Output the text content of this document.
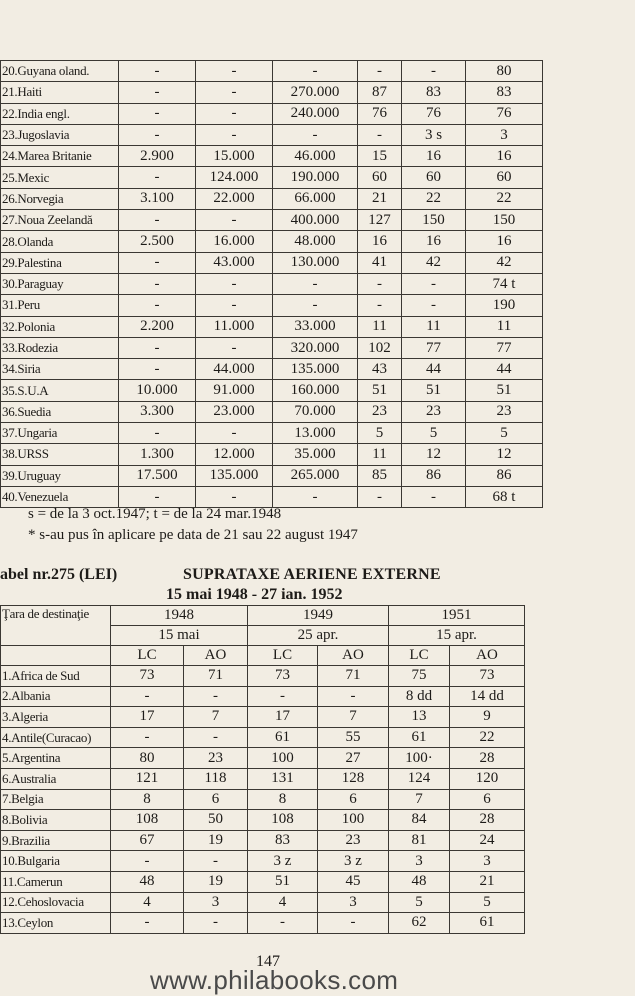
20.Guyana oland.	-	-	-	-	-	80
21.Haiti	-	-	270.000	87	83	83
22.India engl.	-	-	240.000	76	76	76
23.Jugoslavia	-	-	-	-	3 s	3
24.Marea Britanie	2.900	15.000	46.000	15	16	16
25.Mexic	-	124.000	190.000	60	60	60
26.Norvegia	3.100	22.000	66.000	21	22	22
27.Noua Zeelandă	-	-	400.000	127	150	150
28.Olanda	2.500	16.000	48.000	16	16	16
29.Palestina	-	43.000	130.000	41	42	42
30.Paraguay	-	-	-	-	-	74 t
31.Peru	-	-	-	-	-	190
32.Polonia	2.200	11.000	33.000	11	11	11
33.Rodezia	-	-	320.000	102	77	77
34.Siria	-	44.000	135.000	43	44	44
35.S.U.A	10.000	91.000	160.000	51	51	51
36.Suedia	3.300	23.000	70.000	23	23	23
37.Ungaria	-	-	13.000	5	5	5
38.URSS	1.300	12.000	35.000	11	12	12
39.Uruguay	17.500	135.000	265.000	85	86	86
40.Venezuela	-	-	-	-	-	68 t
s = de la 3 oct.1947; t = de la 24 mar.1948
* s-au pus în aplicare pe data de 21 sau 22 august 1947
abel nr.275 (LEI)	SUPRATAXE AERIENE EXTERNE
15 mai 1948 - 27 ian. 1952
Ţara de destinaţie	1948		1949		1951	
	15 mai		25 apr.		15 apr.	
	LC	AO	LC	AO	LC	AO
1.Africa de Sud	73	71	73	71	75	73
2.Albania	-	-	-	-	8 dd	14 dd
3.Algeria	17	7	17	7	13	9
4.Antile(Curacao)	-	-	61	55	61	22
5.Argentina	80	23	100	27	100·	28
6.Australia	121	118	131	128	124	120
7.Belgia	8	6	8	6	7	6
8.Bolivia	108	50	108	100	84	28
9.Brazilia	67	19	83	23	81	24
10.Bulgaria	-	-	3 z	3 z	3	3
11.Camerun	48	19	51	45	48	21
12.Cehoslovacia	4	3	4	3	5	5
13.Ceylon	-	-	-	-	62	61
147
www.philabooks.com
